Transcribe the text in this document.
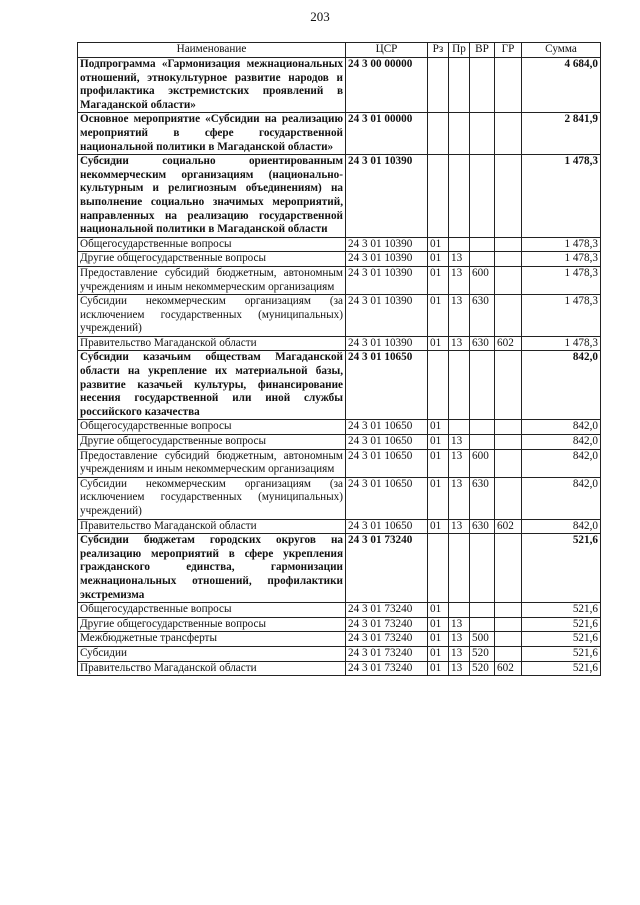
203
Наименование	ЦСР	Рз	Пр	ВР	ГР	Сумма
Подпрограмма «Гармонизация межнациональных отношений, этнокультурное развитие народов и профилактика экстремистских проявлений в Магаданской области»	24 3 00 00000					4 684,0
Основное мероприятие «Субсидии на реализацию мероприятий в сфере государственной национальной политики в Магаданской области»	24 3 01 00000					2 841,9
Субсидии социально ориентированным некоммерческим организациям (национально-культурным и религиозным объединениям) на выполнение социально значимых мероприятий, направленных на реализацию государственной национальной политики в Магаданской области	24 3 01 10390					1 478,3
Общегосударственные вопросы	24 3 01 10390	01				1 478,3
Другие общегосударственные вопросы	24 3 01 10390	01	13			1 478,3
Предоставление субсидий бюджетным, автономным учреждениям и иным некоммерческим организациям	24 3 01 10390	01	13	600		1 478,3
Субсидии некоммерческим организациям (за исключением государственных (муниципальных) учреждений)	24 3 01 10390	01	13	630		1 478,3
Правительство Магаданской области	24 3 01 10390	01	13	630	602	1 478,3
Субсидии казачьим обществам Магаданской области на укрепление их материальной базы, развитие казачьей культуры, финансирование несения государственной или иной службы российского казачества	24 3 01 10650					842,0
Общегосударственные вопросы	24 3 01 10650	01				842,0
Другие общегосударственные вопросы	24 3 01 10650	01	13			842,0
Предоставление субсидий бюджетным, автономным учреждениям и иным некоммерческим организациям	24 3 01 10650	01	13	600		842,0
Субсидии некоммерческим организациям (за исключением государственных (муниципальных) учреждений)	24 3 01 10650	01	13	630		842,0
Правительство Магаданской области	24 3 01 10650	01	13	630	602	842,0
Субсидии бюджетам городских округов на реализацию мероприятий в сфере укрепления гражданского единства, гармонизации межнациональных отношений, профилактики экстремизма	24 3 01 73240					521,6
Общегосударственные вопросы	24 3 01 73240	01				521,6
Другие общегосударственные вопросы	24 3 01 73240	01	13			521,6
Межбюджетные трансферты	24 3 01 73240	01	13	500		521,6
Субсидии	24 3 01 73240	01	13	520		521,6
Правительство Магаданской области	24 3 01 73240	01	13	520	602	521,6
